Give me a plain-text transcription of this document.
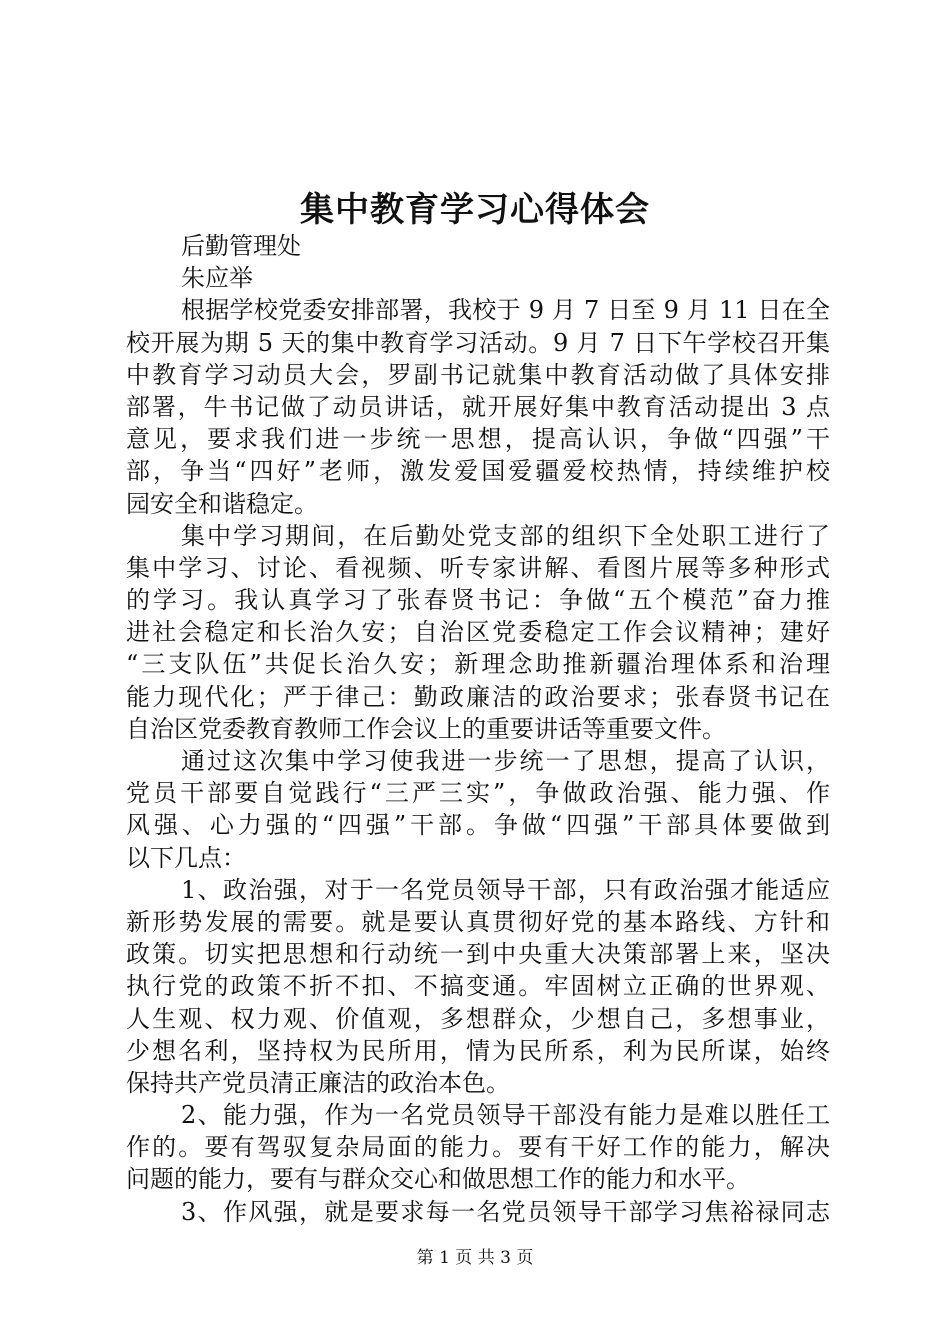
集中教育学习心得体会
后勤管理处
朱应举
根据学校党委安排部署，我校于 9 月 7 日至 9 月 11 日在全
校开展为期 5 天的集中教育学习活动。9 月 7 日下午学校召开集
中教育学习动员大会，罗副书记就集中教育活动做了具体安排
部署，牛书记做了动员讲话，就开展好集中教育活动提出 3 点
意见，要求我们进一步统一思想，提高认识，争做“四强”干
部，争当“四好”老师，激发爱国爱疆爱校热情，持续维护校
园安全和谐稳定。
集中学习期间，在后勤处党支部的组织下全处职工进行了
集中学习、讨论、看视频、听专家讲解、看图片展等多种形式
的学习。我认真学习了张春贤书记：争做“五个模范”奋力推
进社会稳定和长治久安；自治区党委稳定工作会议精神；建好
“三支队伍”共促长治久安；新理念助推新疆治理体系和治理
能力现代化；严于律己：勤政廉洁的政治要求；张春贤书记在
自治区党委教育教师工作会议上的重要讲话等重要文件。
通过这次集中学习使我进一步统一了思想，提高了认识，
党员干部要自觉践行“三严三实”，争做政治强、能力强、作
风强、心力强的“四强”干部。争做“四强”干部具体要做到
以下几点：
1、政治强，对于一名党员领导干部，只有政治强才能适应
新形势发展的需要。就是要认真贯彻好党的基本路线、方针和
政策。切实把思想和行动统一到中央重大决策部署上来，坚决
执行党的政策不折不扣、不搞变通。牢固树立正确的世界观、
人生观、权力观、价值观，多想群众，少想自己，多想事业，
少想名利，坚持权为民所用，情为民所系，利为民所谋，始终
保持共产党员清正廉洁的政治本色。
2、能力强，作为一名党员领导干部没有能力是难以胜任工
作的。要有驾驭复杂局面的能力。要有干好工作的能力，解决
问题的能力，要有与群众交心和做思想工作的能力和水平。
3、作风强，就是要求每一名党员领导干部学习焦裕禄同志
第 1 页 共 3 页
